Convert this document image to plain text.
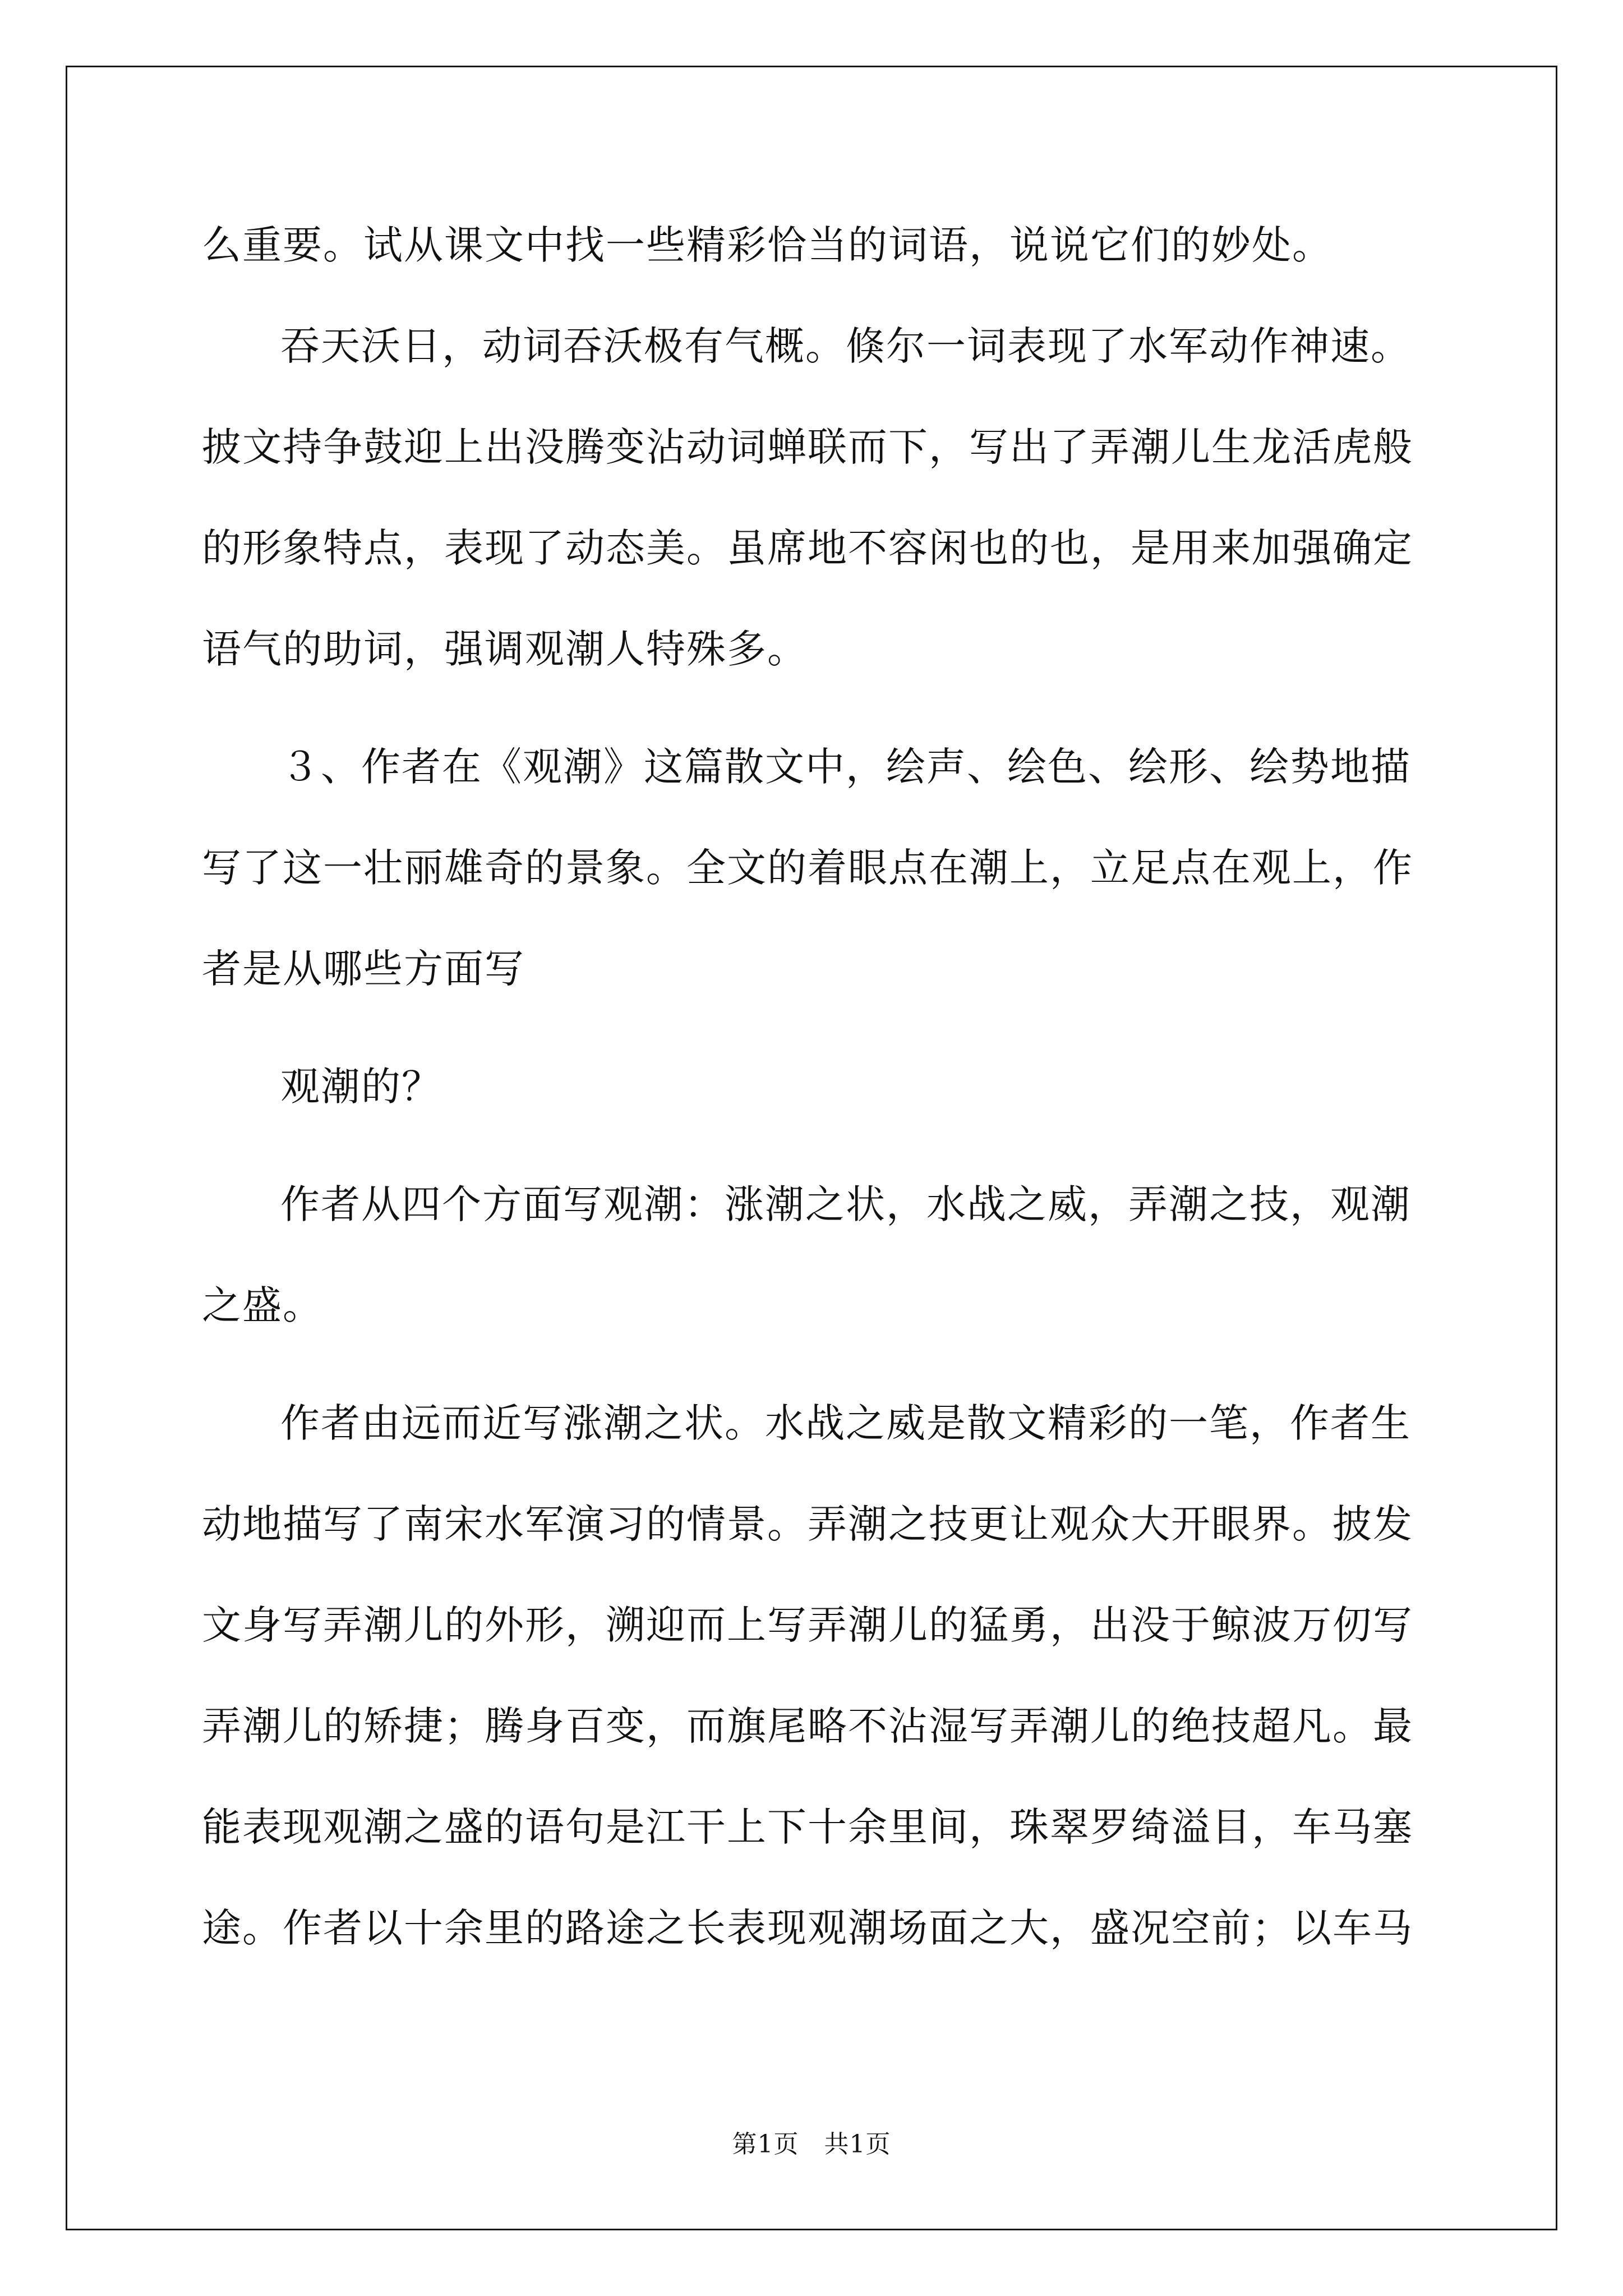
么重要。试从课文中找一些精彩恰当的词语，说说它们的妙处。
吞天沃日，动词吞沃极有气概。倏尔一词表现了水军动作神速。
披文持争鼓迎上出没腾变沾动词蝉联而下，写出了弄潮儿生龙活虎般
的形象特点，表现了动态美。虽席地不容闲也的也，是用来加强确定
语气的助词，强调观潮人特殊多。
３、作者在《观潮》这篇散文中，绘声、绘色、绘形、绘势地描
写了这一壮丽雄奇的景象。全文的着眼点在潮上，立足点在观上，作
者是从哪些方面写
观潮的？
作者从四个方面写观潮：涨潮之状，水战之威，弄潮之技，观潮
之盛。
作者由远而近写涨潮之状。水战之威是散文精彩的一笔，作者生
动地描写了南宋水军演习的情景。弄潮之技更让观众大开眼界。披发
文身写弄潮儿的外形，溯迎而上写弄潮儿的猛勇，出没于鲸波万仞写
弄潮儿的矫捷；腾身百变，而旗尾略不沾湿写弄潮儿的绝技超凡。最
能表现观潮之盛的语句是江干上下十余里间，珠翠罗绮溢目，车马塞
途。作者以十余里的路途之长表现观潮场面之大，盛况空前；以车马
第1页　共1页
